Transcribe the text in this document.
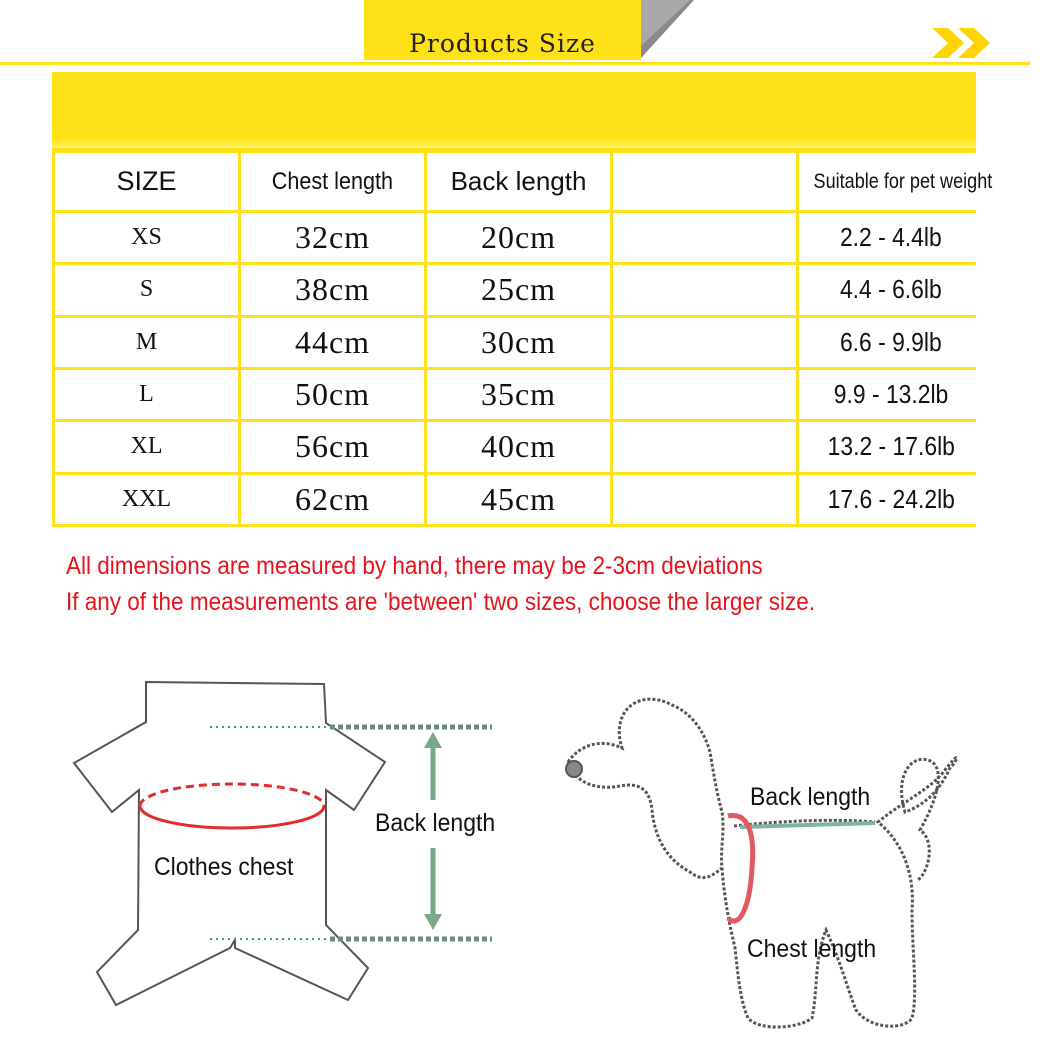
Products Size
SIZE	Chest length	Back length		Suitable for pet weight
XS	32cm	20cm		2.2 - 4.4lb
S	38cm	25cm		4.4 - 6.6lb
M	44cm	30cm		6.6 - 9.9lb
L	50cm	35cm		9.9 - 13.2lb
XL	56cm	40cm		13.2 - 17.6lb
XXL	62cm	45cm		17.6 - 24.2lb
All dimensions are measured by hand, there may be 2-3cm deviations
If any of the measurements are 'between' two sizes, choose the larger size.
Back length
Clothes chest
Back length
Chest length
